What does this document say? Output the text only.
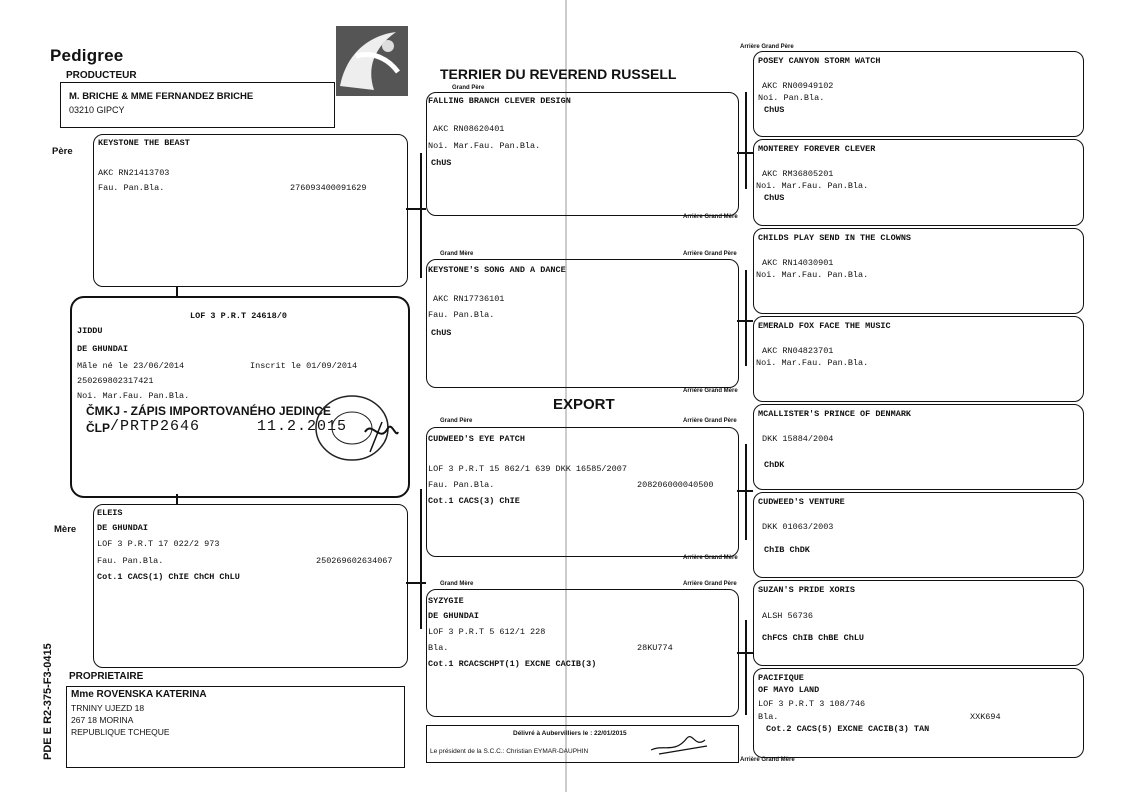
Pedigree
PRODUCTEUR
M. BRICHE & MME FERNANDEZ BRICHE
03210 GIPCY
TERRIER DU REVEREND RUSSELL
Père
KEYSTONE THE BEAST
AKC RN21413703
Fau. Pan.Bla.	276093400091629
LOF 3 P.R.T 24618/0
JIDDU
DE GHUNDAI
Mâle né le 23/06/2014	Inscrit le 01/09/2014
250269802317421
Noi. Mar.Fau. Pan.Bla.
ČMKJ - ZÁPIS IMPORTOVANÉHO JEDINCE
ČLP /PRTP2646	11.2.2015
Mère
ELEIS
DE GHUNDAI
LOF 3 P.R.T 17 022/2 973
Fau. Pan.Bla.	250269602634067
Cot.1 CACS(1) ChIE ChCH ChLU
PROPRIETAIRE
Mme ROVENSKA KATERINA
TRNINY UJEZD 18
267 18 MORINA
REPUBLIQUE TCHEQUE
PDE E R2-375-F3-0415
Grand Père
FALLING BRANCH CLEVER DESIGN
AKC RN08620401
Noi. Mar.Fau. Pan.Bla.
ChUS
Arrière Grand Mère
Grand Mère	Arrière Grand Père
KEYSTONE'S SONG AND A DANCE
AKC RN17736101
Fau. Pan.Bla.
ChUS
Arrière Grand Mère
EXPORT
Grand Père	Arrière Grand Père
CUDWEED'S EYE PATCH
LOF 3 P.R.T 15 862/1 639 DKK 16585/2007
Fau. Pan.Bla.	208206000040500
Cot.1 CACS(3) ChIE
Arrière Grand Mère
Grand Mère	Arrière Grand Père
SYZYGIE
DE GHUNDAI
LOF 3 P.R.T 5 612/1 228
Bla.	28KU774
Cot.1 RCACSCHPT(1) EXCNE CACIB(3)
Délivré à Aubervilliers le : 22/01/2015
Le président de la S.C.C.: Christian EYMAR-DAUPHIN
Arrière Grand Père
POSEY CANYON STORM WATCH
AKC RN00949102
Noi. Pan.Bla.
ChUS
MONTEREY FOREVER CLEVER
AKC RM36805201
Noi. Mar.Fau. Pan.Bla.
ChUS
CHILDS PLAY SEND IN THE CLOWNS
AKC RN14030901
Noi. Mar.Fau. Pan.Bla.
EMERALD FOX FACE THE MUSIC
AKC RN04823701
Noi. Mar.Fau. Pan.Bla.
MCALLISTER'S PRINCE OF DENMARK
DKK 15884/2004
ChDK
CUDWEED'S VENTURE
DKK 01063/2003
ChIB ChDK
SUZAN'S PRIDE XORIS
ALSH 56736
ChFCS ChIB ChBE ChLU
PACIFIQUE
OF MAYO LAND
LOF 3 P.R.T 3 108/746
Bla.	XXK694
Cot.2 CACS(5) EXCNE CACIB(3) TAN
Arrière Grand Mère
